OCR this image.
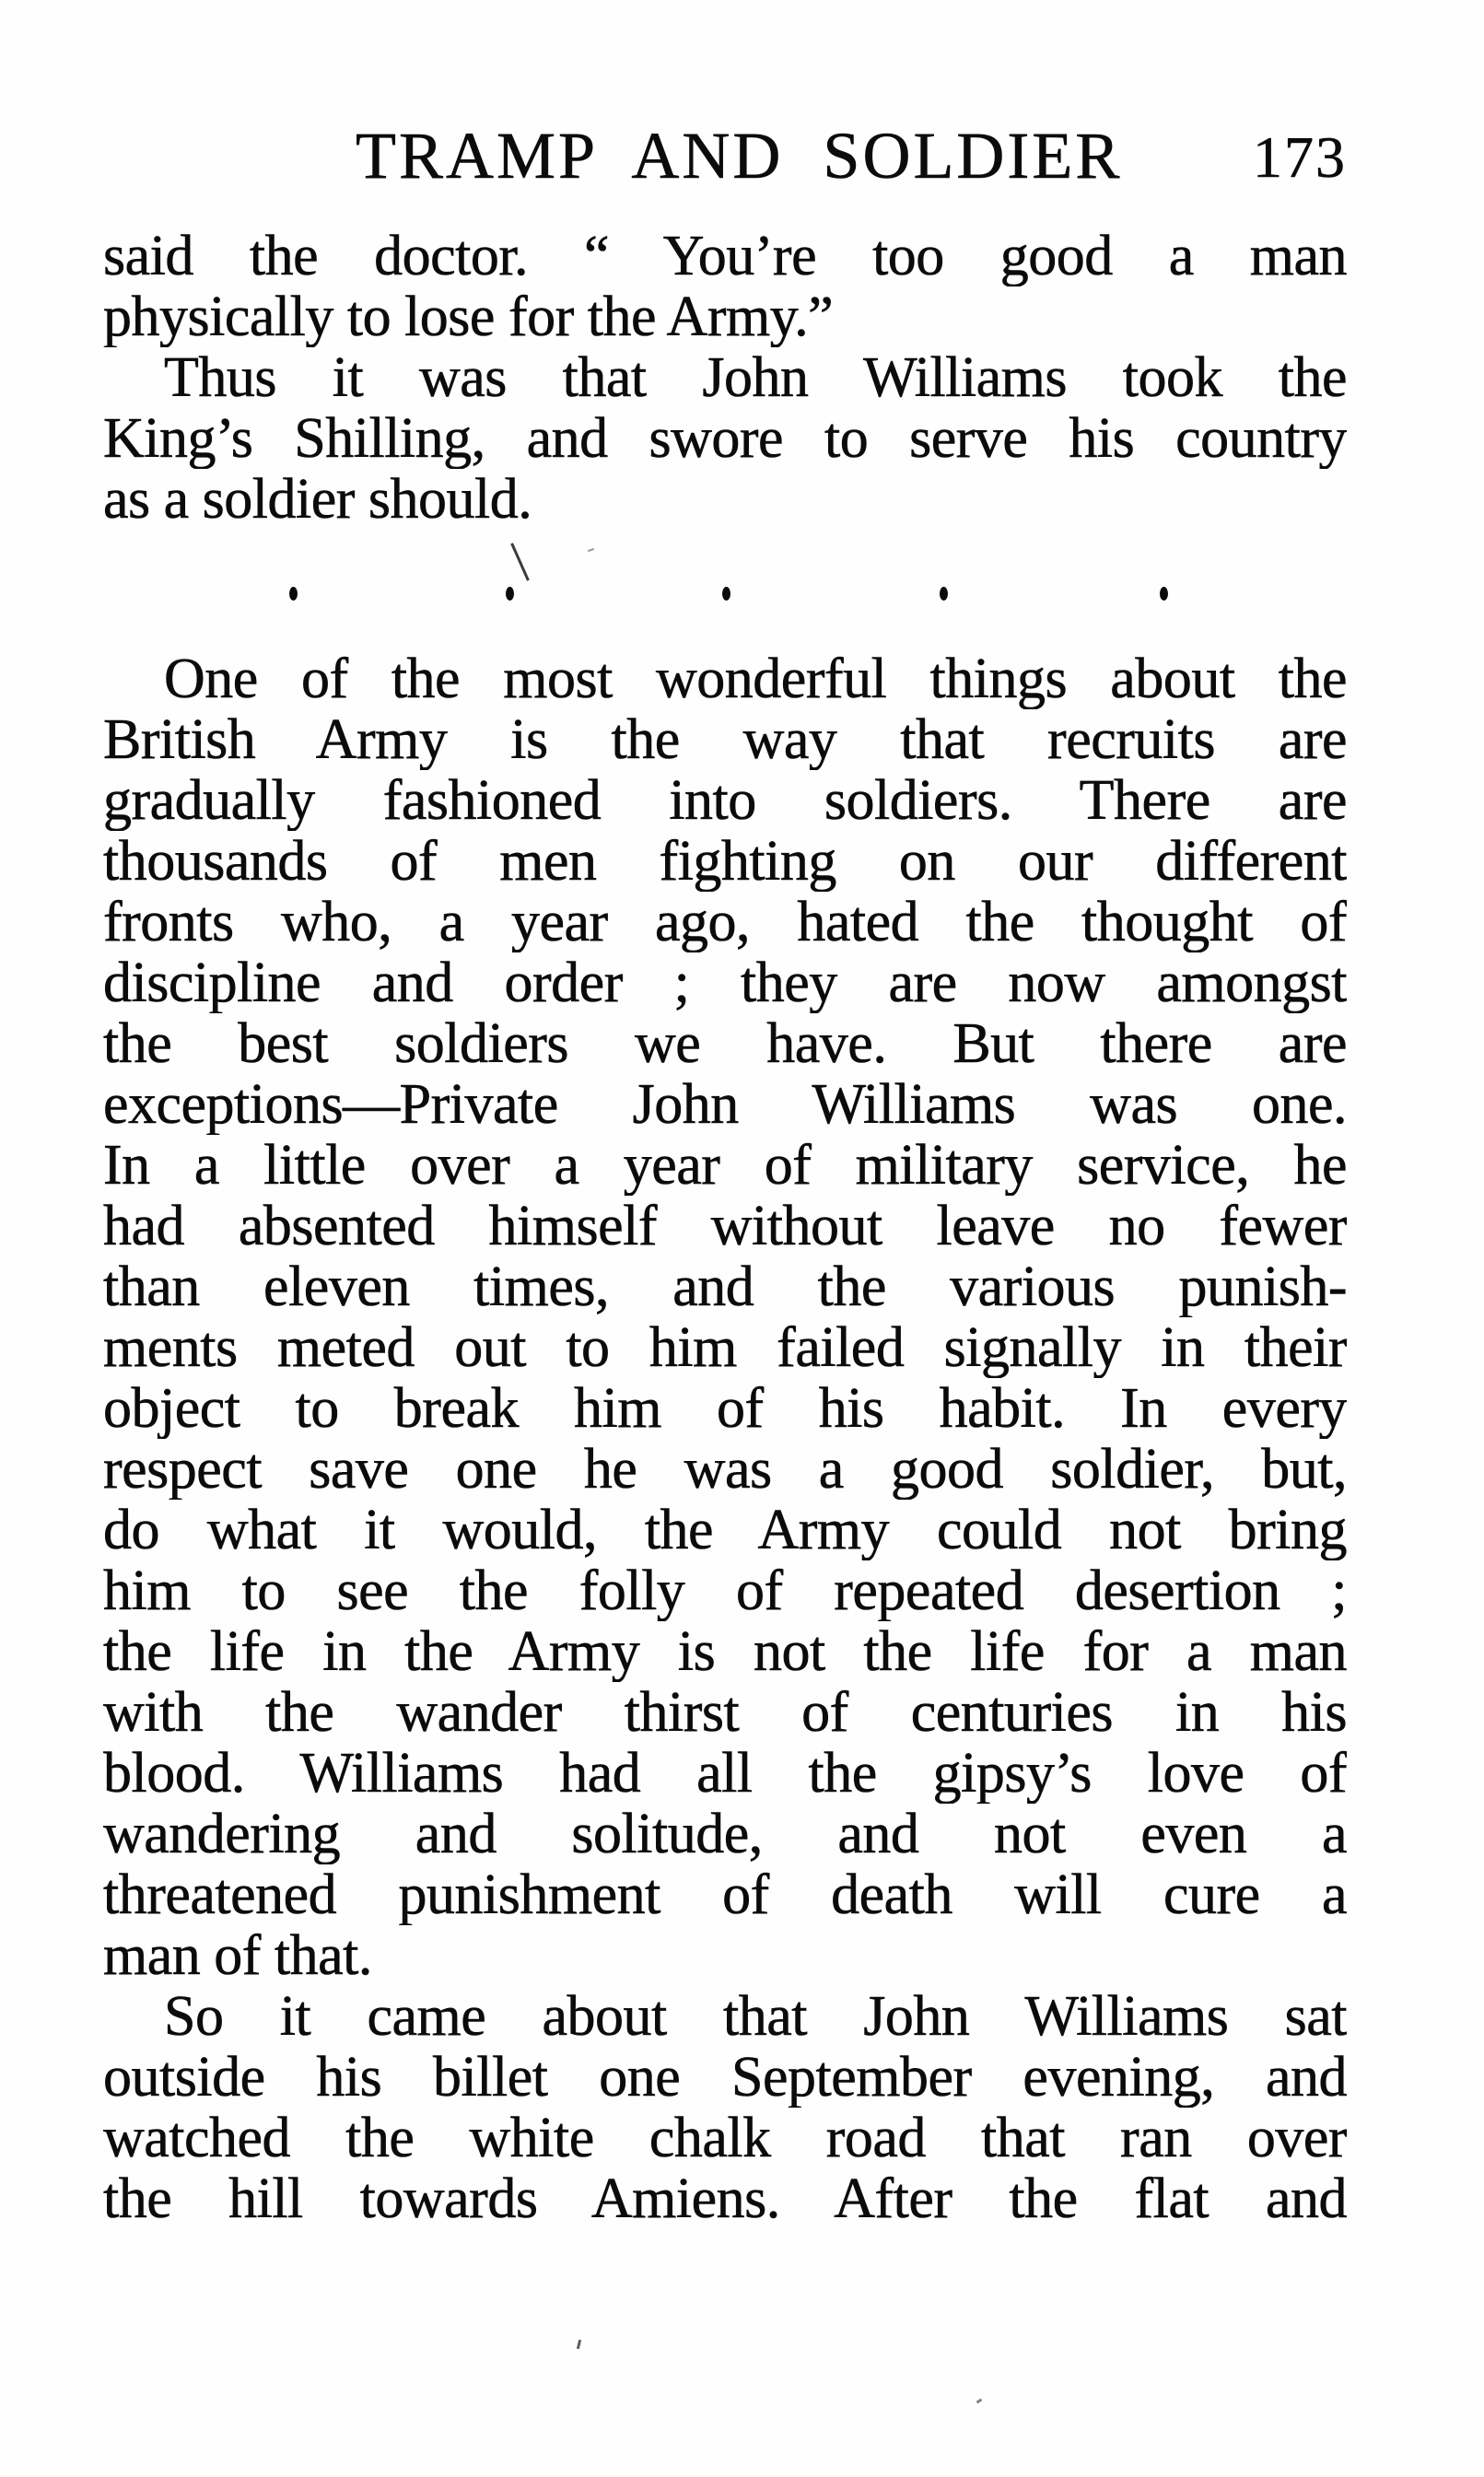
TRAMP AND SOLDIER 173
said the doctor. “ You’re too good a man
physically to lose for the Army.”
Thus it was that John Williams took the
King’s Shilling, and swore to serve his country
as a soldier should.
One of the most wonderful things about the
British Army is the way that recruits are
gradually fashioned into soldiers. There are
thousands of men fighting on our different
fronts who, a year ago, hated the thought of
discipline and order ; they are now amongst
the best soldiers we have. But there are
exceptions—Private John Williams was one.
In a little over a year of military service, he
had absented himself without leave no fewer
than eleven times, and the various punish-
ments meted out to him failed signally in their
object to break him of his habit. In every
respect save one he was a good soldier, but,
do what it would, the Army could not bring
him to see the folly of repeated desertion ;
the life in the Army is not the life for a man
with the wander thirst of centuries in his
blood. Williams had all the gipsy’s love of
wandering and solitude, and not even a
threatened punishment of death will cure a
man of that.
So it came about that John Williams sat
outside his billet one September evening, and
watched the white chalk road that ran over
the hill towards Amiens. After the flat and
